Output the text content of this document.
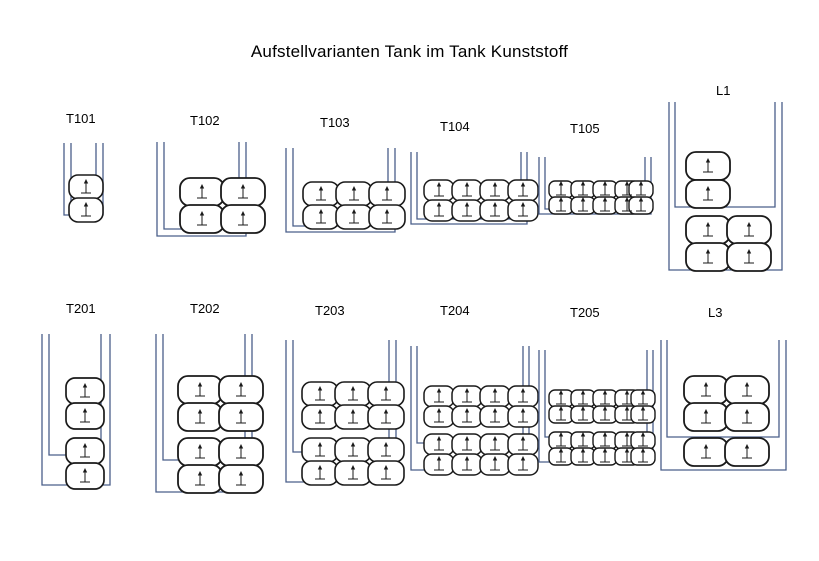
Aufstellvarianten Tank im Tank Kunststoff
T101	T102	T103	T104	T105
L1
T201	T202	T203	T204	T205	L3
